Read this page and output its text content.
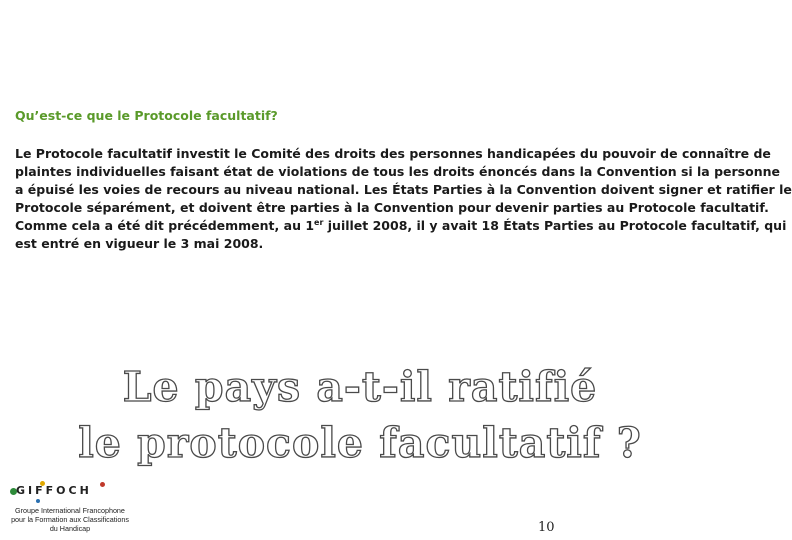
Qu’est-ce que le Protocole facultatif?

Le Protocole facultatif investit le Comité des droits des personnes handicapées du pouvoir de connaître de
plaintes individuelles faisant état de violations de tous les droits énoncés dans la Convention si la personne
a épuisé les voies de recours au niveau national. Les États Parties à la Convention doivent signer et ratifier le
Protocole séparément, et doivent être parties à la Convention pour devenir parties au Protocole facultatif.
Comme cela a été dit précédemment, au 1er juillet 2008, il y avait 18 États Parties au Protocole facultatif, qui
est entré en vigueur le 3 mai 2008.

Le pays a-t-il ratifié
le protocole facultatif ?
GIFFOCH
Groupe International Francophone
pour la Formation aux Classifications
du Handicap	10
